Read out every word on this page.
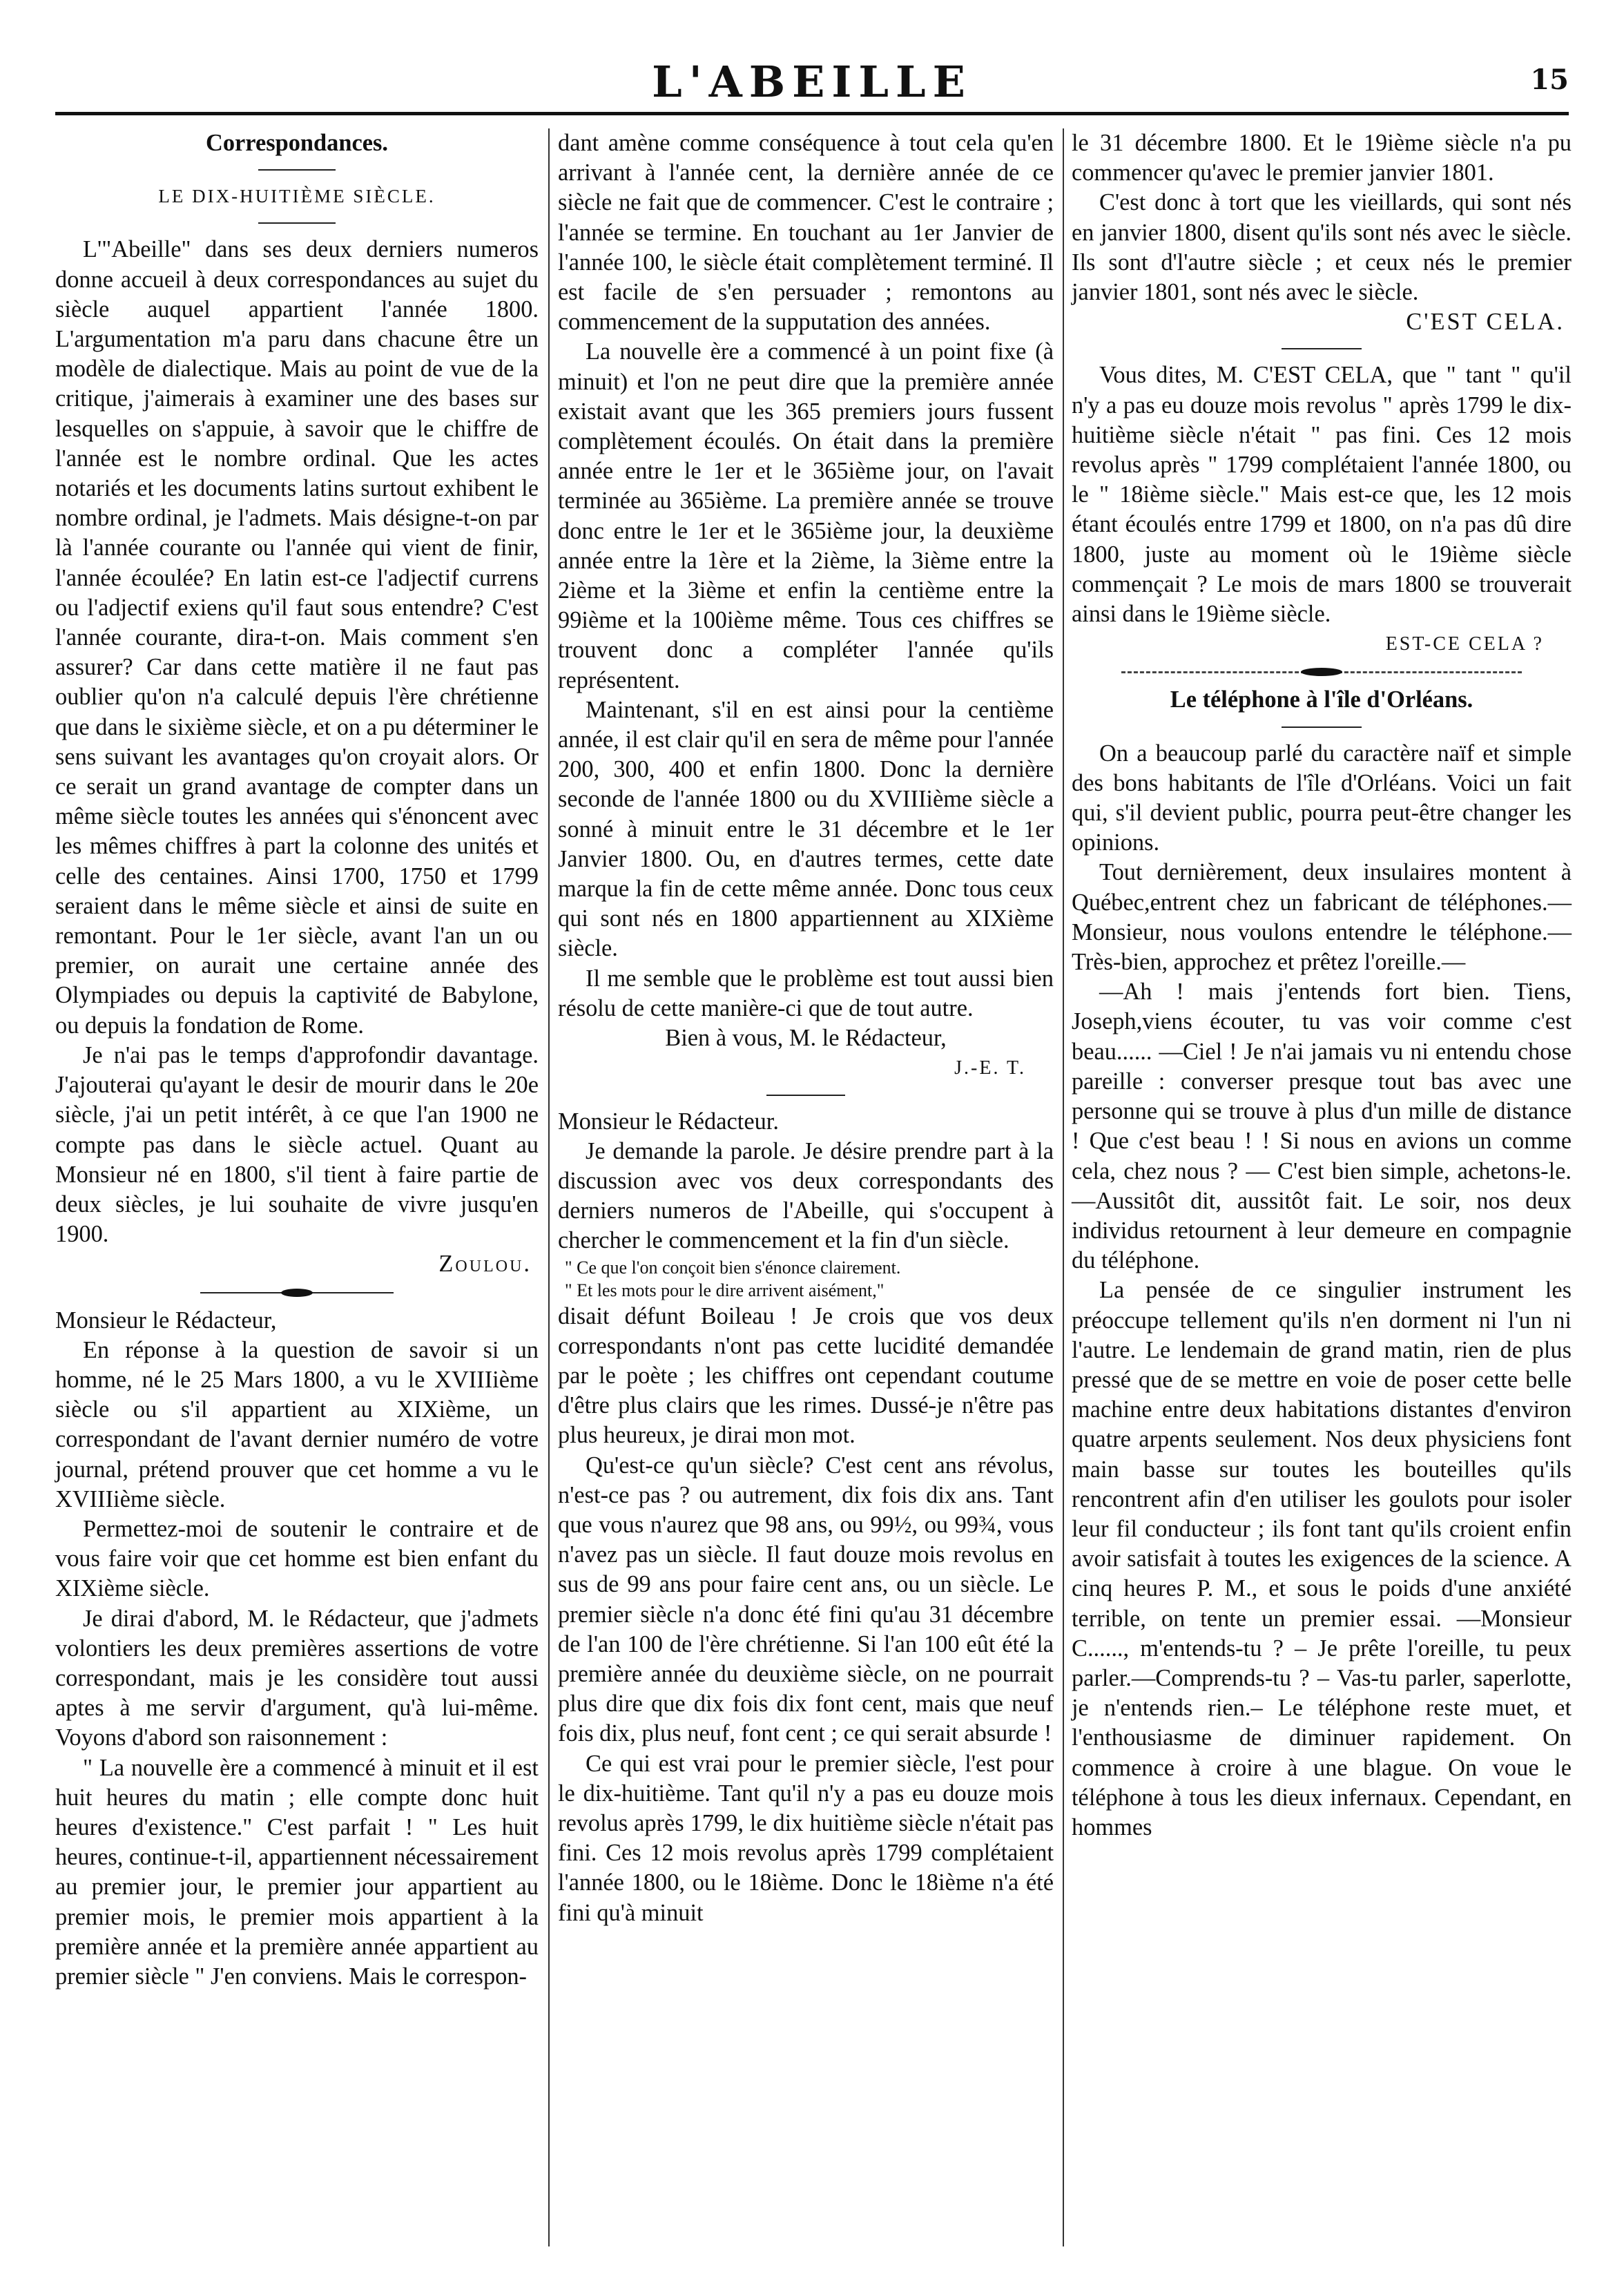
L'ABEILLE	15

Correspondances.

LE DIX-HUITIÈME SIÈCLE.

L'"Abeille" dans ses deux derniers numeros donne accueil à deux correspondances au sujet du siècle auquel appartient l'année 1800. L'argumentation m'a paru dans chacune être un modèle de dialectique. Mais au point de vue de la critique, j'aimerais à examiner une des bases sur lesquelles on s'appuie, à savoir que le chiffre de l'année est le nombre ordinal. Que les actes notariés et les documents latins surtout exhibent le nombre ordinal, je l'admets. Mais désigne-t-on par là l'année courante ou l'année qui vient de finir, l'année écoulée? En latin est-ce l'adjectif currens ou l'adjectif exiens qu'il faut sous entendre? C'est l'année courante, dira-t-on. Mais comment s'en assurer? Car dans cette matière il ne faut pas oublier qu'on n'a calculé depuis l'ère chrétienne que dans le sixième siècle, et on a pu déterminer le sens suivant les avantages qu'on croyait alors. Or ce serait un grand avantage de compter dans un même siècle toutes les années qui s'énoncent avec les mêmes chiffres à part la colonne des unités et celle des centaines. Ainsi 1700, 1750 et 1799 seraient dans le même siècle et ainsi de suite en remontant. Pour le 1er siècle, avant l'an un ou premier, on aurait une certaine année des Olympiades ou depuis la captivité de Babylone, ou depuis la fondation de Rome.

Je n'ai pas le temps d'approfondir davantage. J'ajouterai qu'ayant le desir de mourir dans le 20e siècle, j'ai un petit intérêt, à ce que l'an 1900 ne compte pas dans le siècle actuel. Quant au Monsieur né en 1800, s'il tient à faire partie de deux siècles, je lui souhaite de vivre jusqu'en 1900.

Zoulou.

Monsieur le Rédacteur,

En réponse à la question de savoir si un homme, né le 25 Mars 1800, a vu le XVIIIième siècle ou s'il appartient au XIXième, un correspondant de l'avant dernier numéro de votre journal, prétend prouver que cet homme a vu le XVIIIième siècle.

Permettez-moi de soutenir le contraire et de vous faire voir que cet homme est bien enfant du XIXième siècle.

Je dirai d'abord, M. le Rédacteur, que j'admets volontiers les deux premières assertions de votre correspondant, mais je les considère tout aussi aptes à me servir d'argument, qu'à lui-même. Voyons d'abord son raisonnement :

" La nouvelle ère a commencé à minuit et il est huit heures du matin ; elle compte donc huit heures d'existence." C'est parfait ! " Les huit heures, continue-t-il, appartiennent nécessairement au premier jour, le premier jour appartient au premier mois, le premier mois appartient à la première année et la première année appartient au premier siècle " J'en conviens. Mais le correspon-

dant amène comme conséquence à tout cela qu'en arrivant à l'année cent, la dernière année de ce siècle ne fait que de commencer. C'est le contraire ; l'année se termine. En touchant au 1er Janvier de l'année 100, le siècle était complètement terminé. Il est facile de s'en persuader ; remontons au commencement de la supputation des années.

La nouvelle ère a commencé à un point fixe (à minuit) et l'on ne peut dire que la première année existait avant que les 365 premiers jours fussent complètement écoulés. On était dans la première année entre le 1er et le 365ième jour, on l'avait terminée au 365ième. La première année se trouve donc entre le 1er et le 365ième jour, la deuxième année entre la 1ère et la 2ième, la 3ième entre la 2ième et la 3ième et enfin la centième entre la 99ième et la 100ième même. Tous ces chiffres se trouvent donc a compléter l'année qu'ils représentent.

Maintenant, s'il en est ainsi pour la centième année, il est clair qu'il en sera de même pour l'année 200, 300, 400 et enfin 1800. Donc la dernière seconde de l'année 1800 ou du XVIIIième siècle a sonné à minuit entre le 31 décembre et le 1er Janvier 1800. Ou, en d'autres termes, cette date marque la fin de cette même année. Donc tous ceux qui sont nés en 1800 appartiennent au XIXième siècle.

Il me semble que le problème est tout aussi bien résolu de cette manière-ci que de tout autre.

Bien à vous, M. le Rédacteur,

J.-E. T.

Monsieur le Rédacteur.

Je demande la parole. Je désire prendre part à la discussion avec vos deux correspondants des derniers numeros de l'Abeille, qui s'occupent à chercher le commencement et la fin d'un siècle.

" Ce que l'on conçoit bien s'énonce clairement.

" Et les mots pour le dire arrivent aisément,"

disait défunt Boileau ! Je crois que vos deux correspondants n'ont pas cette lucidité demandée par le poète ; les chiffres ont cependant coutume d'être plus clairs que les rimes. Dussé-je n'être pas plus heureux, je dirai mon mot.

Qu'est-ce qu'un siècle? C'est cent ans révolus, n'est-ce pas ? ou autrement, dix fois dix ans. Tant que vous n'aurez que 98 ans, ou 99½, ou 99¾, vous n'avez pas un siècle. Il faut douze mois revolus en sus de 99 ans pour faire cent ans, ou un siècle. Le premier siècle n'a donc été fini qu'au 31 décembre de l'an 100 de l'ère chrétienne. Si l'an 100 eût été la première année du deuxième siècle, on ne pourrait plus dire que dix fois dix font cent, mais que neuf fois dix, plus neuf, font cent ; ce qui serait absurde !

Ce qui est vrai pour le premier siècle, l'est pour le dix-huitième. Tant qu'il n'y a pas eu douze mois revolus après 1799, le dix huitième siècle n'était pas fini. Ces 12 mois revolus après 1799 complétaient l'année 1800, ou le 18ième. Donc le 18ième n'a été fini qu'à minuit

le 31 décembre 1800. Et le 19ième siècle n'a pu commencer qu'avec le premier janvier 1801.

C'est donc à tort que les vieillards, qui sont nés en janvier 1800, disent qu'ils sont nés avec le siècle. Ils sont d'l'autre siècle ; et ceux nés le premier janvier 1801, sont nés avec le siècle.

C'EST CELA.

Vous dites, M. C'EST CELA, que " tant " qu'il n'y a pas eu douze mois revolus " après 1799 le dix-huitième siècle n'était " pas fini. Ces 12 mois revolus après " 1799 complétaient l'année 1800, ou le " 18ième siècle." Mais est-ce que, les 12 mois étant écoulés entre 1799 et 1800, on n'a pas dû dire 1800, juste au moment où le 19ième siècle commençait ? Le mois de mars 1800 se trouverait ainsi dans le 19ième siècle.

EST-CE CELA ?

Le téléphone à l'île d'Orléans.

On a beaucoup parlé du caractère naïf et simple des bons habitants de l'île d'Orléans. Voici un fait qui, s'il devient public, pourra peut-être changer les opinions.

Tout dernièrement, deux insulaires montent à Québec,entrent chez un fabricant de téléphones.— Monsieur, nous voulons entendre le téléphone.— Très-bien, approchez et prêtez l'oreille.—

—Ah ! mais j'entends fort bien. Tiens, Joseph,viens écouter, tu vas voir comme c'est beau...... —Ciel ! Je n'ai jamais vu ni entendu chose pareille : converser presque tout bas avec une personne qui se trouve à plus d'un mille de distance ! Que c'est beau ! ! Si nous en avions un comme cela, chez nous ? — C'est bien simple, achetons-le.—Aussitôt dit, aussitôt fait. Le soir, nos deux individus retournent à leur demeure en compagnie du téléphone.

La pensée de ce singulier instrument les préoccupe tellement qu'ils n'en dorment ni l'un ni l'autre. Le lendemain de grand matin, rien de plus pressé que de se mettre en voie de poser cette belle machine entre deux habitations distantes d'environ quatre arpents seulement. Nos deux physiciens font main basse sur toutes les bouteilles qu'ils rencontrent afin d'en utiliser les goulots pour isoler leur fil conducteur ; ils font tant qu'ils croient enfin avoir satisfait à toutes les exigences de la science. A cinq heures P. M., et sous le poids d'une anxiété terrible, on tente un premier essai. —Monsieur C......, m'entends-tu ? – Je prête l'oreille, tu peux parler.—Comprends-tu ? – Vas-tu parler, saperlotte, je n'entends rien.– Le téléphone reste muet, et l'enthousiasme de diminuer rapidement. On commence à croire à une blague. On voue le téléphone à tous les dieux infernaux. Cependant, en hommes
